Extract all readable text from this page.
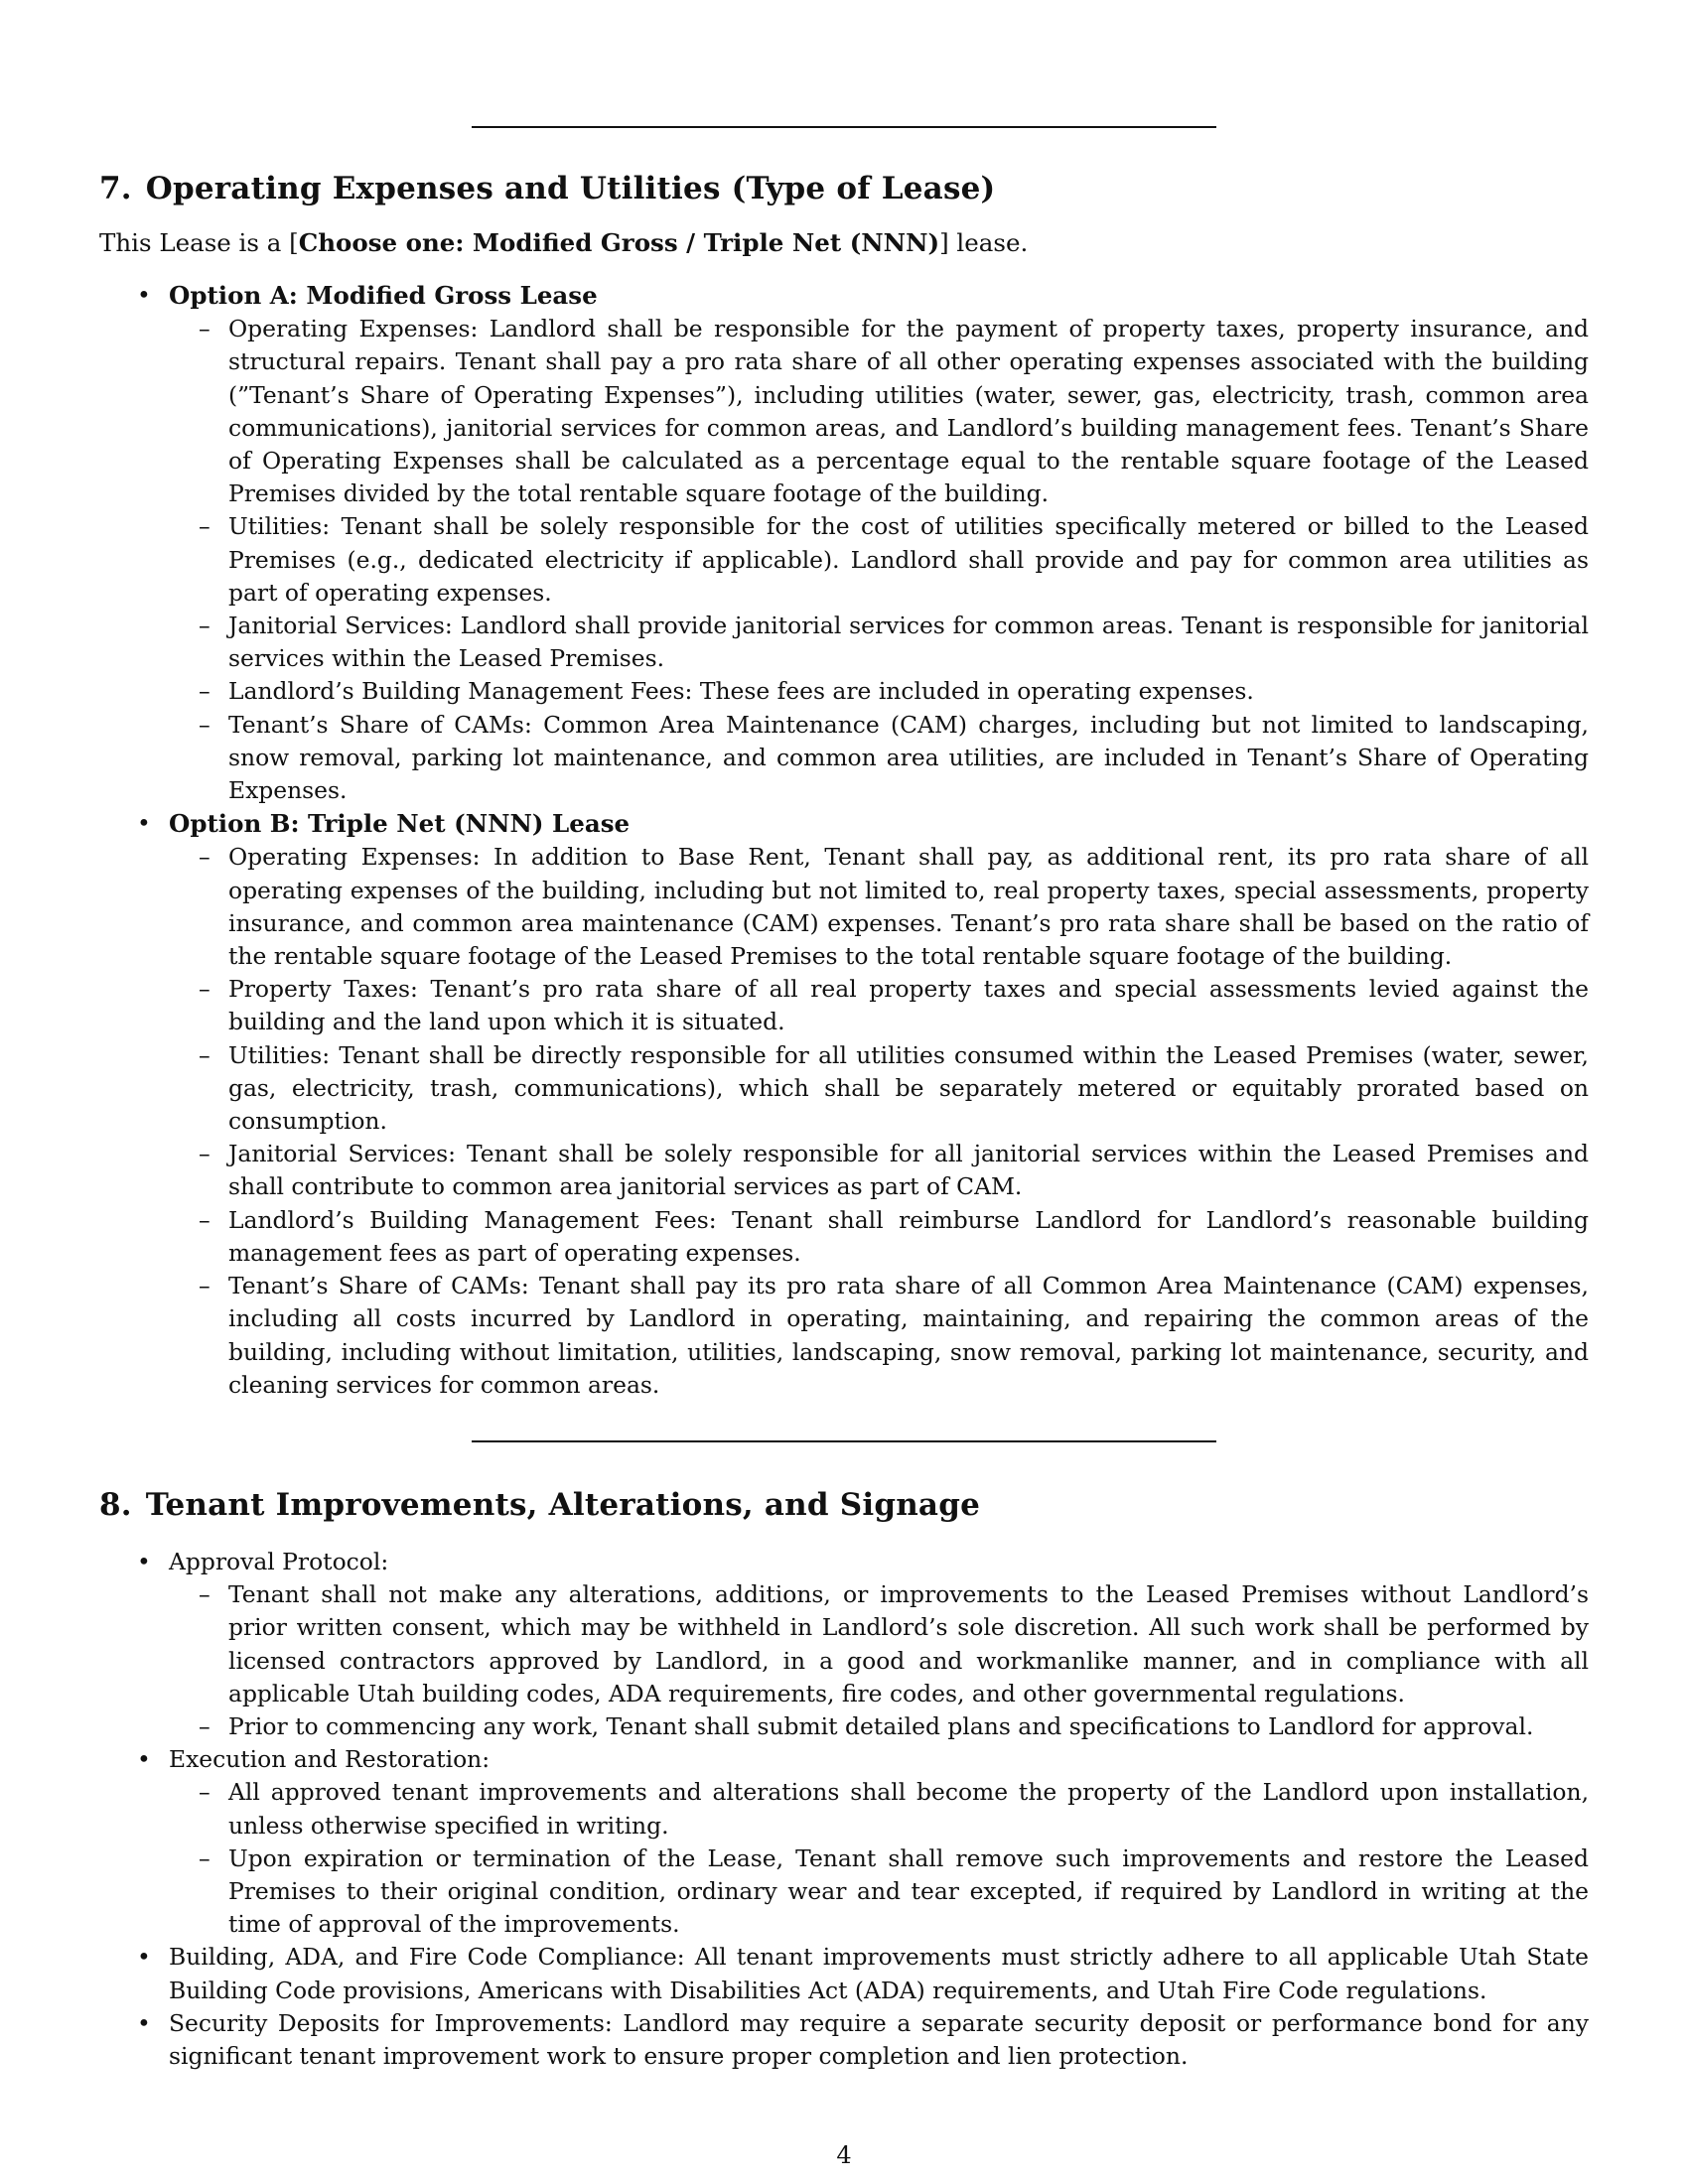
7. Operating Expenses and Utilities (Type of Lease)

This Lease is a [Choose one: Modified Gross / Triple Net (NNN)] lease.

• Option A: Modified Gross Lease
– Operating Expenses: Landlord shall be responsible for the payment of property taxes, property insurance, and structural repairs. Tenant shall pay a pro rata share of all other operating expenses associated with the building (”Tenant’s Share of Operating Expenses”), including utilities (water, sewer, gas, electricity, trash, common area communications), janitorial services for common areas, and Landlord’s building management fees. Tenant’s Share of Operating Expenses shall be calculated as a percentage equal to the rentable square footage of the Leased Premises divided by the total rentable square footage of the building.
– Utilities: Tenant shall be solely responsible for the cost of utilities specifically metered or billed to the Leased Premises (e.g., dedicated electricity if applicable). Landlord shall provide and pay for common area utilities as part of operating expenses.
– Janitorial Services: Landlord shall provide janitorial services for common areas. Tenant is responsible for janitorial services within the Leased Premises.
– Landlord’s Building Management Fees: These fees are included in operating expenses.
– Tenant’s Share of CAMs: Common Area Maintenance (CAM) charges, including but not limited to landscaping, snow removal, parking lot maintenance, and common area utilities, are included in Tenant’s Share of Operating Expenses.
• Option B: Triple Net (NNN) Lease
– Operating Expenses: In addition to Base Rent, Tenant shall pay, as additional rent, its pro rata share of all operating expenses of the building, including but not limited to, real property taxes, special assessments, property insurance, and common area maintenance (CAM) expenses. Tenant’s pro rata share shall be based on the ratio of the rentable square footage of the Leased Premises to the total rentable square footage of the building.
– Property Taxes: Tenant’s pro rata share of all real property taxes and special assessments levied against the building and the land upon which it is situated.
– Utilities: Tenant shall be directly responsible for all utilities consumed within the Leased Premises (water, sewer, gas, electricity, trash, communications), which shall be separately metered or equitably prorated based on consumption.
– Janitorial Services: Tenant shall be solely responsible for all janitorial services within the Leased Premises and shall contribute to common area janitorial services as part of CAM.
– Landlord’s Building Management Fees: Tenant shall reimburse Landlord for Landlord’s reasonable building management fees as part of operating expenses.
– Tenant’s Share of CAMs: Tenant shall pay its pro rata share of all Common Area Maintenance (CAM) expenses, including all costs incurred by Landlord in operating, maintaining, and repairing the common areas of the building, including without limitation, utilities, landscaping, snow removal, parking lot maintenance, security, and cleaning services for common areas.
8. Tenant Improvements, Alterations, and Signage
• Approval Protocol:
– Tenant shall not make any alterations, additions, or improvements to the Leased Premises without Landlord’s prior written consent, which may be withheld in Landlord’s sole discretion. All such work shall be performed by licensed contractors approved by Landlord, in a good and workmanlike manner, and in compliance with all applicable Utah building codes, ADA requirements, fire codes, and other governmental regulations.
– Prior to commencing any work, Tenant shall submit detailed plans and specifications to Landlord for approval.
• Execution and Restoration:
– All approved tenant improvements and alterations shall become the property of the Landlord upon installation, unless otherwise specified in writing.
– Upon expiration or termination of the Lease, Tenant shall remove such improvements and restore the Leased Premises to their original condition, ordinary wear and tear excepted, if required by Landlord in writing at the time of approval of the improvements.
• Building, ADA, and Fire Code Compliance: All tenant improvements must strictly adhere to all applicable Utah State Building Code provisions, Americans with Disabilities Act (ADA) requirements, and Utah Fire Code regulations.
• Security Deposits for Improvements: Landlord may require a separate security deposit or performance bond for any significant tenant improvement work to ensure proper completion and lien protection.
4
